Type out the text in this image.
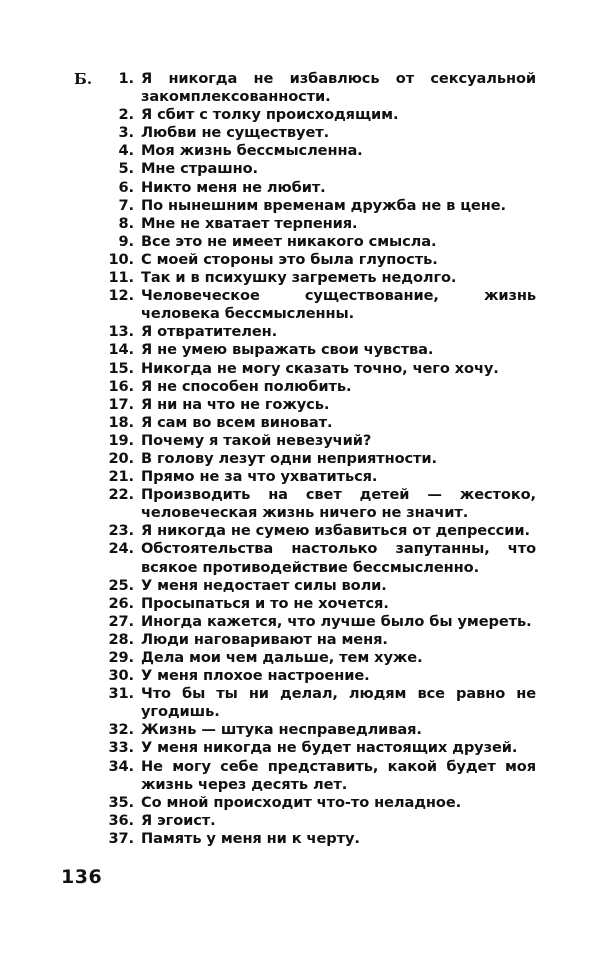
Б. 1. Я никогда не избавлюсь от сексуальной закомплексованности.
2. Я сбит с толку происходящим.
3. Любви не существует.
4. Моя жизнь бессмысленна.
5. Мне страшно.
6. Никто меня не любит.
7. По нынешним временам дружба не в цене.
8. Мне не хватает терпения.
9. Все это не имеет никакого смысла.
10. С моей стороны это была глупость.
11. Так и в психушку загреметь недолго.
12. Человеческое существование, жизнь человека бессмысленны.
13. Я отвратителен.
14. Я не умею выражать свои чувства.
15. Никогда не могу сказать точно, чего хочу.
16. Я не способен полюбить.
17. Я ни на что не гожусь.
18. Я сам во всем виноват.
19. Почему я такой невезучий?
20. В голову лезут одни неприятности.
21. Прямо не за что ухватиться.
22. Производить на свет детей — жестоко, человеческая жизнь ничего не значит.
23. Я никогда не сумею избавиться от депрессии.
24. Обстоятельства настолько запутанны, что всякое противодействие бессмысленно.
25. У меня недостает силы воли.
26. Просыпаться и то не хочется.
27. Иногда кажется, что лучше было бы умереть.
28. Люди наговаривают на меня.
29. Дела мои чем дальше, тем хуже.
30. У меня плохое настроение.
31. Что бы ты ни делал, людям все равно не угодишь.
32. Жизнь — штука несправедливая.
33. У меня никогда не будет настоящих друзей.
34. Не могу себе представить, какой будет моя жизнь через десять лет.
35. Со мной происходит что-то неладное.
36. Я эгоист.
37. Память у меня ни к черту.
136
